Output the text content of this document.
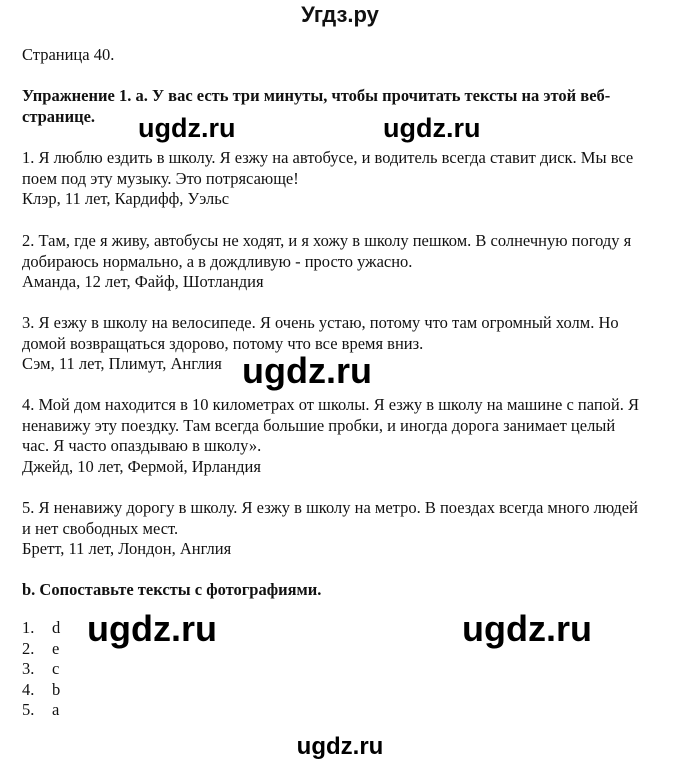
Угдз.ру
Страница 40.
Упражнение 1. a. У вас есть три минуты, чтобы прочитать тексты на этой веб-странице.
1. Я люблю ездить в школу. Я езжу на автобусе, и водитель всегда ставит диск. Мы все поем под эту музыку. Это потрясающе!
Клэр, 11 лет, Кардифф, Уэльс
2. Там, где я живу, автобусы не ходят, и я хожу в школу пешком. В солнечную погоду я добираюсь нормально, а в дождливую - просто ужасно.
Аманда, 12 лет, Файф, Шотландия
3. Я езжу в школу на велосипеде. Я очень устаю, потому что там огромный холм. Но домой возвращаться здорово, потому что все время вниз.
Сэм, 11 лет, Плимут, Англия
4. Мой дом находится в 10 километрах от школы. Я езжу в школу на машине с папой. Я ненавижу эту поездку. Там всегда большие пробки, и иногда дорога занимает целый час. Я часто опаздываю в школу».
Джейд, 10 лет, Фермой, Ирландия
5. Я ненавижу дорогу в школу. Я езжу в школу на метро. В поездах всегда много людей и нет свободных мест.
Бретт, 11 лет, Лондон, Англия
b. Сопоставьте тексты с фотографиями.
1.	d
2.	e
3.	c
4.	b
5.	a
ugdz.ru	ugdz.ru
ugdz.ru
ugdz.ru	ugdz.ru
ugdz.ru
